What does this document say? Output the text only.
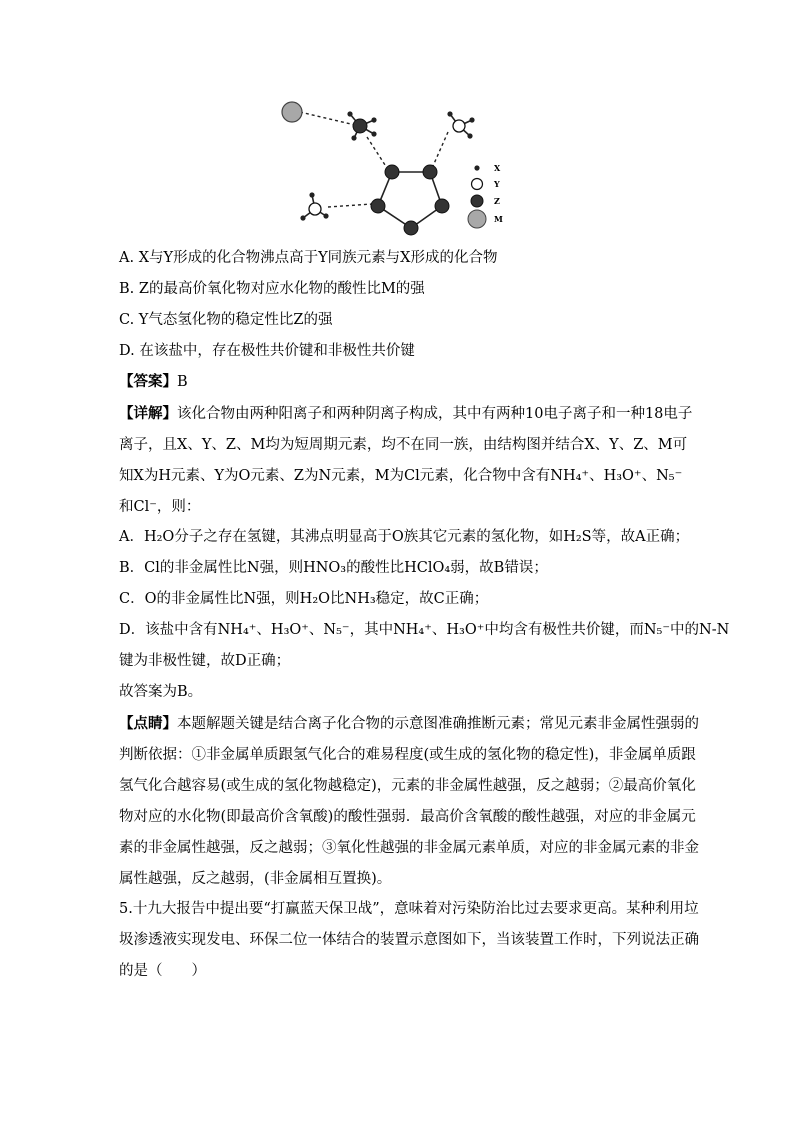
X
Y
Z
M
A. X与Y形成的化合物沸点高于Y同族元素与X形成的化合物
B. Z的最高价氧化物对应水化物的酸性比M的强
C. Y气态氢化物的稳定性比Z的强
D. 在该盐中，存在极性共价键和非极性共价键
【答案】B
【详解】该化合物由两种阳离子和两种阴离子构成，其中有两种10电子离子和一种18电子
离子，且X、Y、Z、M均为短周期元素，均不在同一族，由结构图并结合X、Y、Z、M可
知X为H元素、Y为O元素、Z为N元素，M为Cl元素，化合物中含有NH₄⁺、H₃O⁺、N₅⁻
和Cl⁻，则：
A．H₂O分子之存在氢键，其沸点明显高于O族其它元素的氢化物，如H₂S等，故A正确；
B．Cl的非金属性比N强，则HNO₃的酸性比HClO₄弱，故B错误；
C．O的非金属性比N强，则H₂O比NH₃稳定，故C正确；
D．该盐中含有NH₄⁺、H₃O⁺、N₅⁻，其中NH₄⁺、H₃O⁺中均含有极性共价键，而N₅⁻中的N-N
键为非极性键，故D正确；
故答案为B。
【点睛】本题解题关键是结合离子化合物的示意图准确推断元素；常见元素非金属性强弱的
判断依据：①非金属单质跟氢气化合的难易程度(或生成的氢化物的稳定性)，非金属单质跟
氢气化合越容易(或生成的氢化物越稳定)，元素的非金属性越强，反之越弱；②最高价氧化
物对应的水化物(即最高价含氧酸)的酸性强弱．最高价含氧酸的酸性越强，对应的非金属元
素的非金属性越强，反之越弱；③氧化性越强的非金属元素单质，对应的非金属元素的非金
属性越强，反之越弱，(非金属相互置换)。
5.十九大报告中提出要“打赢蓝天保卫战”，意味着对污染防治比过去要求更高。某种利用垃
圾渗透液实现发电、环保二位一体结合的装置示意图如下，当该装置工作时，下列说法正确
的是（　　）
